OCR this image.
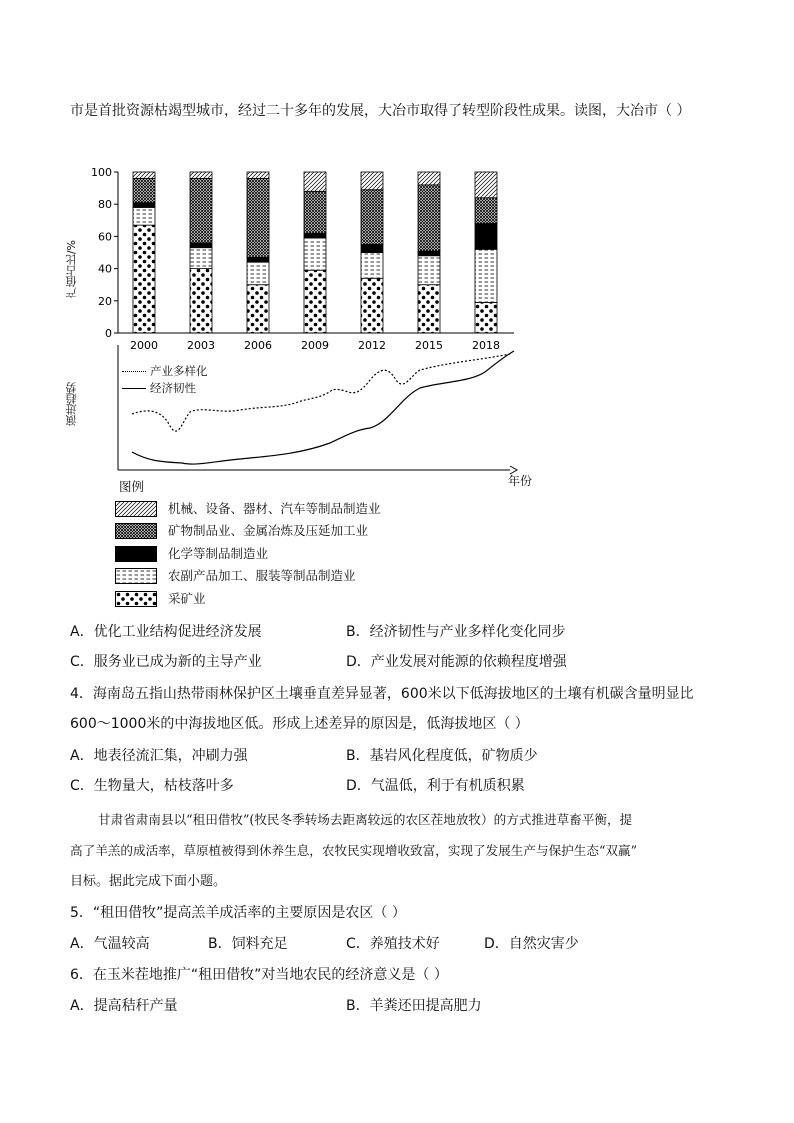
市是首批资源枯竭型城市，经过二十多年的发展，大冶市取得了转型阶段性成果。读图，大冶市（ ）
2000	2003	2006	2009	2012	2015	2018
0
20
40
60
80
100
产值占比/%
演进趋势
年份
产业多样化
经济韧性
图例
机械、设备、器材、汽车等制品制造业
矿物制品业、金属冶炼及压延加工业
化学等制品制造业
农副产品加工、服装等制品制造业
采矿业
A．优化工业结构促进经济发展	B．经济韧性与产业多样化变化同步
C．服务业已成为新的主导产业	D．产业发展对能源的依赖程度增强
4．海南岛五指山热带雨林保护区土壤垂直差异显著，600米以下低海拔地区的土壤有机碳含量明显比
600～1000米的中海拔地区低。形成上述差异的原因是，低海拔地区（ ）
A．地表径流汇集，冲刷力强	B．基岩风化程度低，矿物质少
C．生物量大，枯枝落叶多	D．气温低，利于有机质积累
甘肃省肃南县以“租田借牧”(牧民冬季转场去距离较远的农区茬地放牧）的方式推进草畜平衡，提
高了羊羔的成活率，草原植被得到休养生息，农牧民实现增收致富，实现了发展生产与保护生态“双赢”
目标。据此完成下面小题。
5．“租田借牧”提高羔羊成活率的主要原因是农区（ ）
A．气温较高	B．饲料充足	C．养殖技术好	D．自然灾害少
6．在玉米茬地推广“租田借牧”对当地农民的经济意义是（ ）
A．提高秸秆产量	B．羊粪还田提高肥力
